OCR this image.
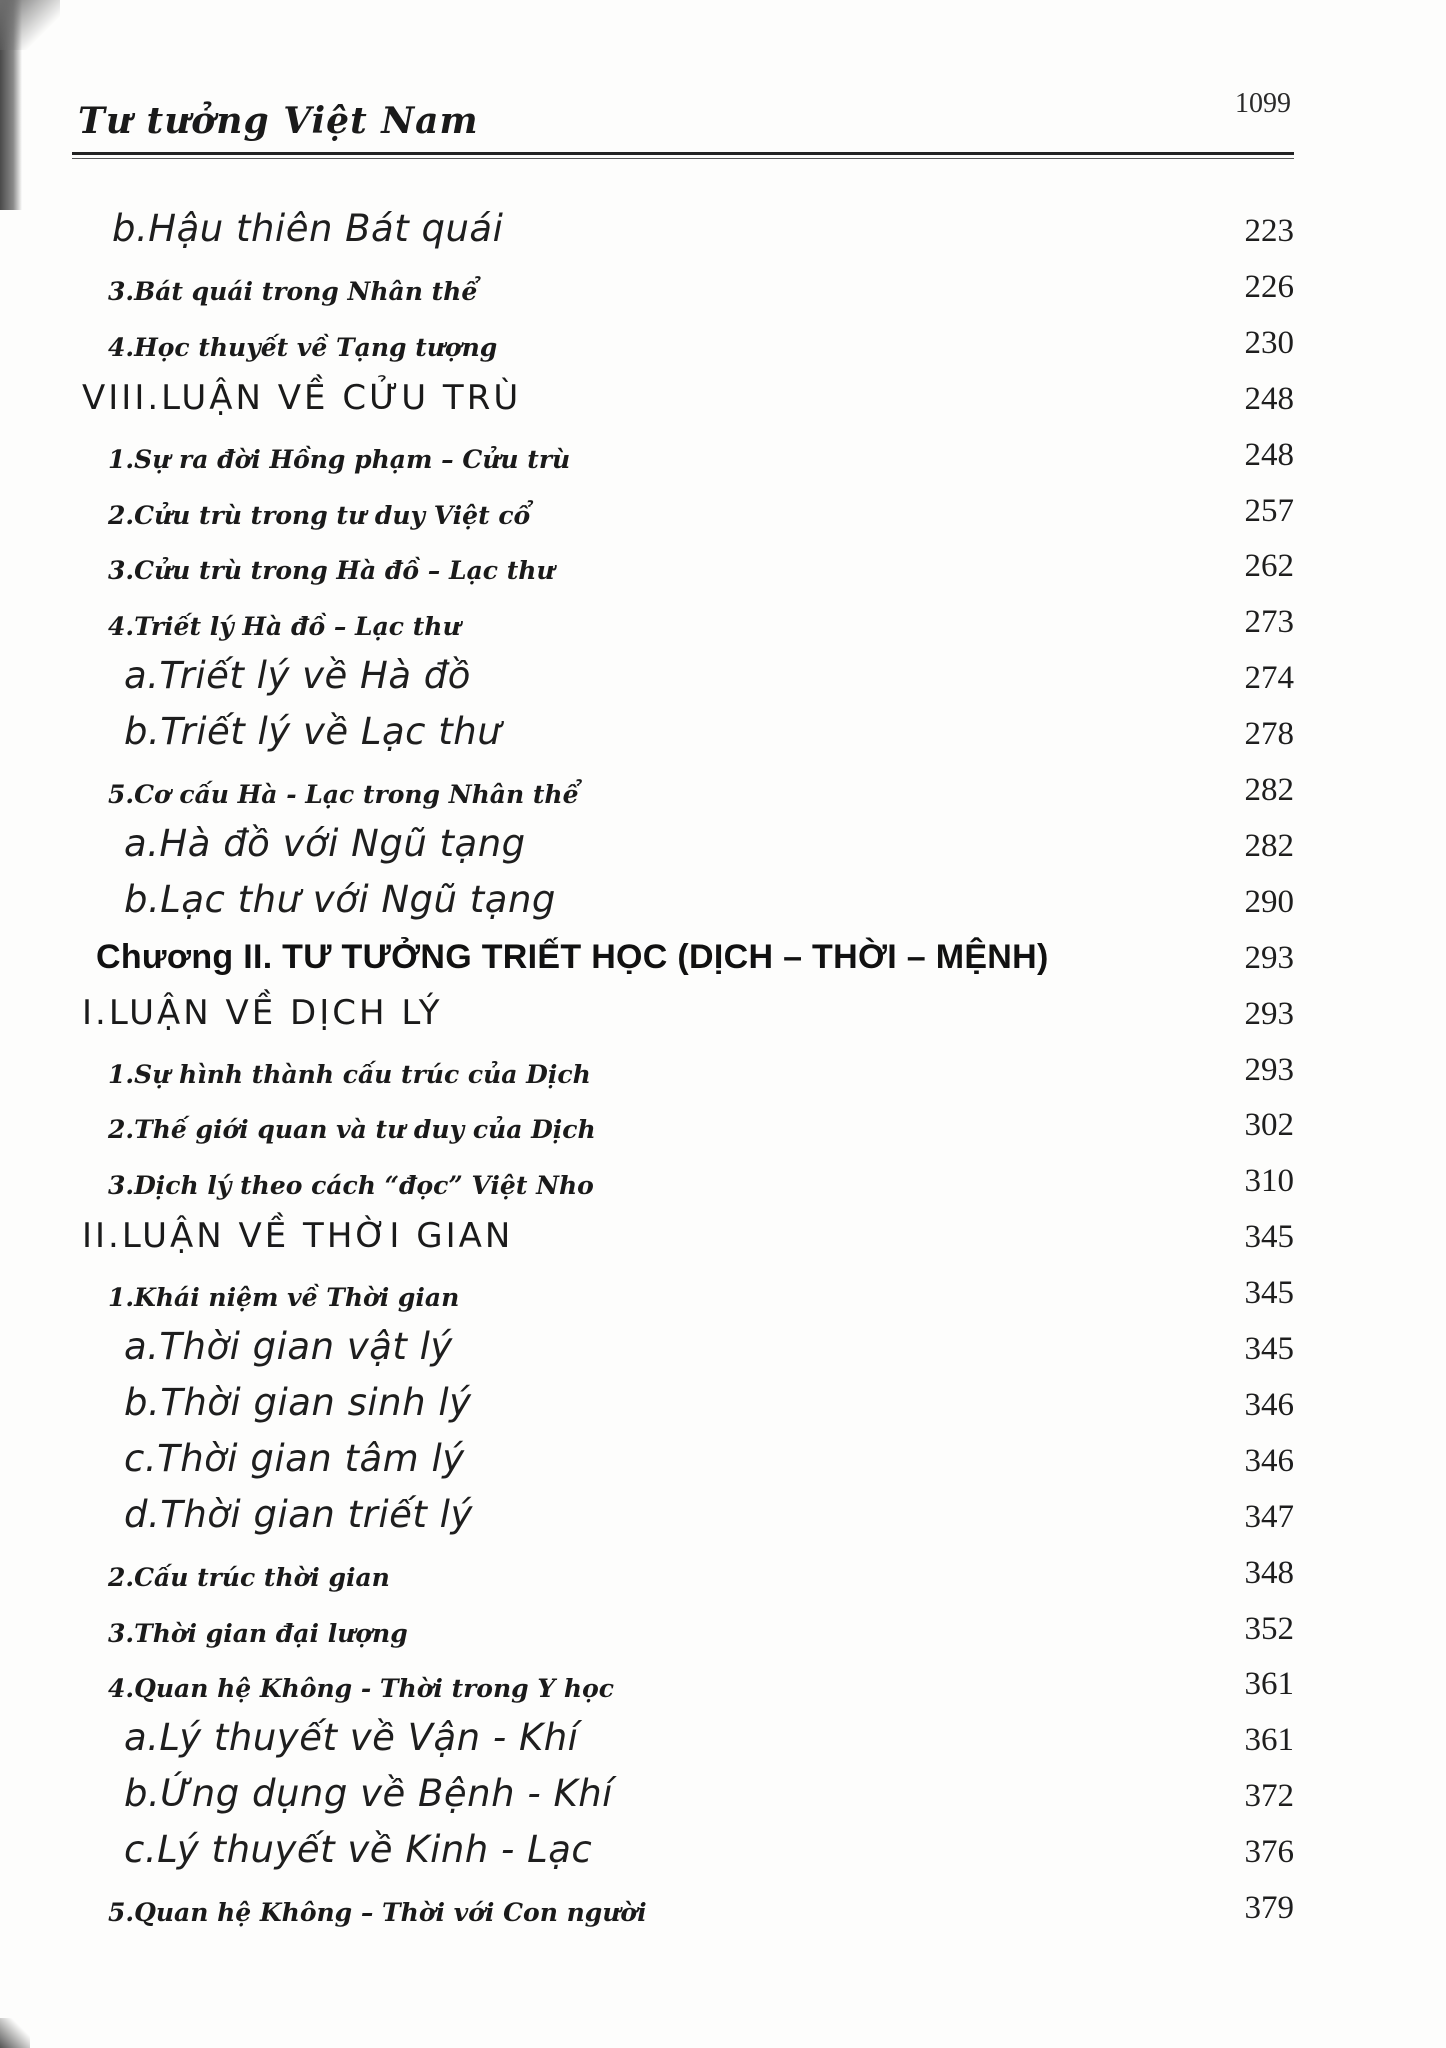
Tư tưởng Việt Nam	1099
b.Hậu thiên Bát quái	223
3.Bát quái trong Nhân thể	226
4.Học thuyết về Tạng tượng	230
VIII.LUẬN VỀ CỬU TRÙ	248
1.Sự ra đời Hồng phạm – Cửu trù	248
2.Cửu trù trong tư duy Việt cổ	257
3.Cửu trù trong Hà đồ – Lạc thư	262
4.Triết lý Hà đồ – Lạc thư	273
a.Triết lý về Hà đồ	274
b.Triết lý về Lạc thư	278
5.Cơ cấu Hà - Lạc trong Nhân thể	282
a.Hà đồ với Ngũ tạng	282
b.Lạc thư với Ngũ tạng	290
Chương II. TƯ TƯỞNG TRIẾT HỌC (DỊCH – THỜI – MỆNH)	293
I.LUẬN VỀ DỊCH LÝ	293
1.Sự hình thành cấu trúc của Dịch	293
2.Thế giới quan và tư duy của Dịch	302
3.Dịch lý theo cách “đọc” Việt Nho	310
II.LUẬN VỀ THỜI GIAN	345
1.Khái niệm về Thời gian	345
a.Thời gian vật lý	345
b.Thời gian sinh lý	346
c.Thời gian tâm lý	346
d.Thời gian triết lý	347
2.Cấu trúc thời gian	348
3.Thời gian đại lượng	352
4.Quan hệ Không - Thời trong Y học	361
a.Lý thuyết về Vận - Khí	361
b.Ứng dụng về Bệnh - Khí	372
c.Lý thuyết về Kinh - Lạc	376
5.Quan hệ Không – Thời với Con người	379
